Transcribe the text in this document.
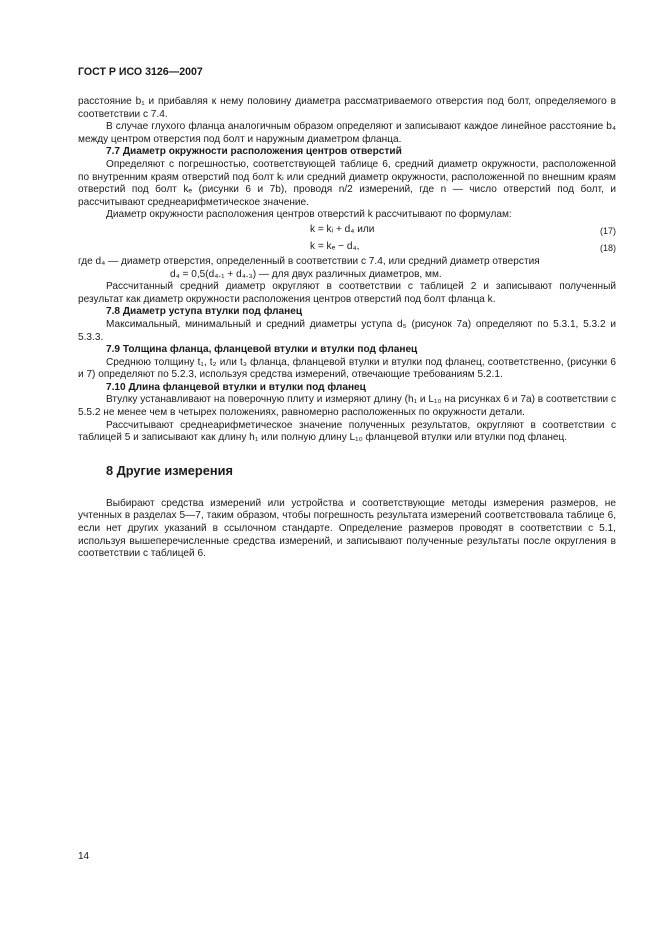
ГОСТ Р ИСО 3126—2007

расстояние b₁ и прибавляя к нему половину диаметра рассматриваемого отверстия под болт, определяемого в соответствии с 7.4.

В случае глухого фланца аналогичным образом определяют и записывают каждое линейное расстояние b₄ между центром отверстия под болт и наружным диаметром фланца.

7.7 Диаметр окружности расположения центров отверстий

Определяют с погрешностью, соответствующей таблице 6, средний диаметр окружности, расположенной по внутренним краям отверстий под болт kᵢ или средний диаметр окружности, расположенной по внешним краям отверстий под болт kₑ (рисунки 6 и 7b), проводя n/2 измерений, где n — число отверстий под болт, и рассчитывают среднеарифметическое значение.

Диаметр окружности расположения центров отверстий k рассчитывают по формулам:

k = kᵢ + d₄ или	(17)
k = kₑ − d₄,	(18)

где d₄ — диаметр отверстия, определенный в соответствии с 7.4, или средний диаметр отверстия

d₄ = 0,5(d₄.₁ + d₄.₃) — для двух различных диаметров, мм.

Рассчитанный средний диаметр округляют в соответствии с таблицей 2 и записывают полученный результат как диаметр окружности расположения центров отверстий под болт фланца k.

7.8 Диаметр уступа втулки под фланец

Максимальный, минимальный и средний диаметры уступа d₅ (рисунок 7a) определяют по 5.3.1, 5.3.2 и 5.3.3.

7.9 Толщина фланца, фланцевой втулки и втулки под фланец

Среднюю толщину t₁, t₂ или t₃ фланца, фланцевой втулки и втулки под фланец, соответственно, (рисунки 6 и 7) определяют по 5.2.3, используя средства измерений, отвечающие требованиям 5.2.1.

7.10 Длина фланцевой втулки и втулки под фланец

Втулку устанавливают на поверочную плиту и измеряют длину (h₁ и L₁₀ на рисунках 6 и 7a) в соответствии с 5.5.2 не менее чем в четырех положениях, равномерно расположенных по окружности детали.

Рассчитывают среднеарифметическое значение полученных результатов, округляют в соответствии с таблицей 5 и записывают как длину h₁ или полную длину L₁₀ фланцевой втулки или втулки под фланец.

8 Другие измерения

Выбирают средства измерений или устройства и соответствующие методы измерения размеров, не учтенных в разделах 5—7, таким образом, чтобы погрешность результата измерений соответствовала таблице 6, если нет других указаний в ссылочном стандарте. Определение размеров проводят в соответствии с 5.1, используя вышеперечисленные средства измерений, и записывают полученные результаты после округления в соответствии с таблицей 6.

14
